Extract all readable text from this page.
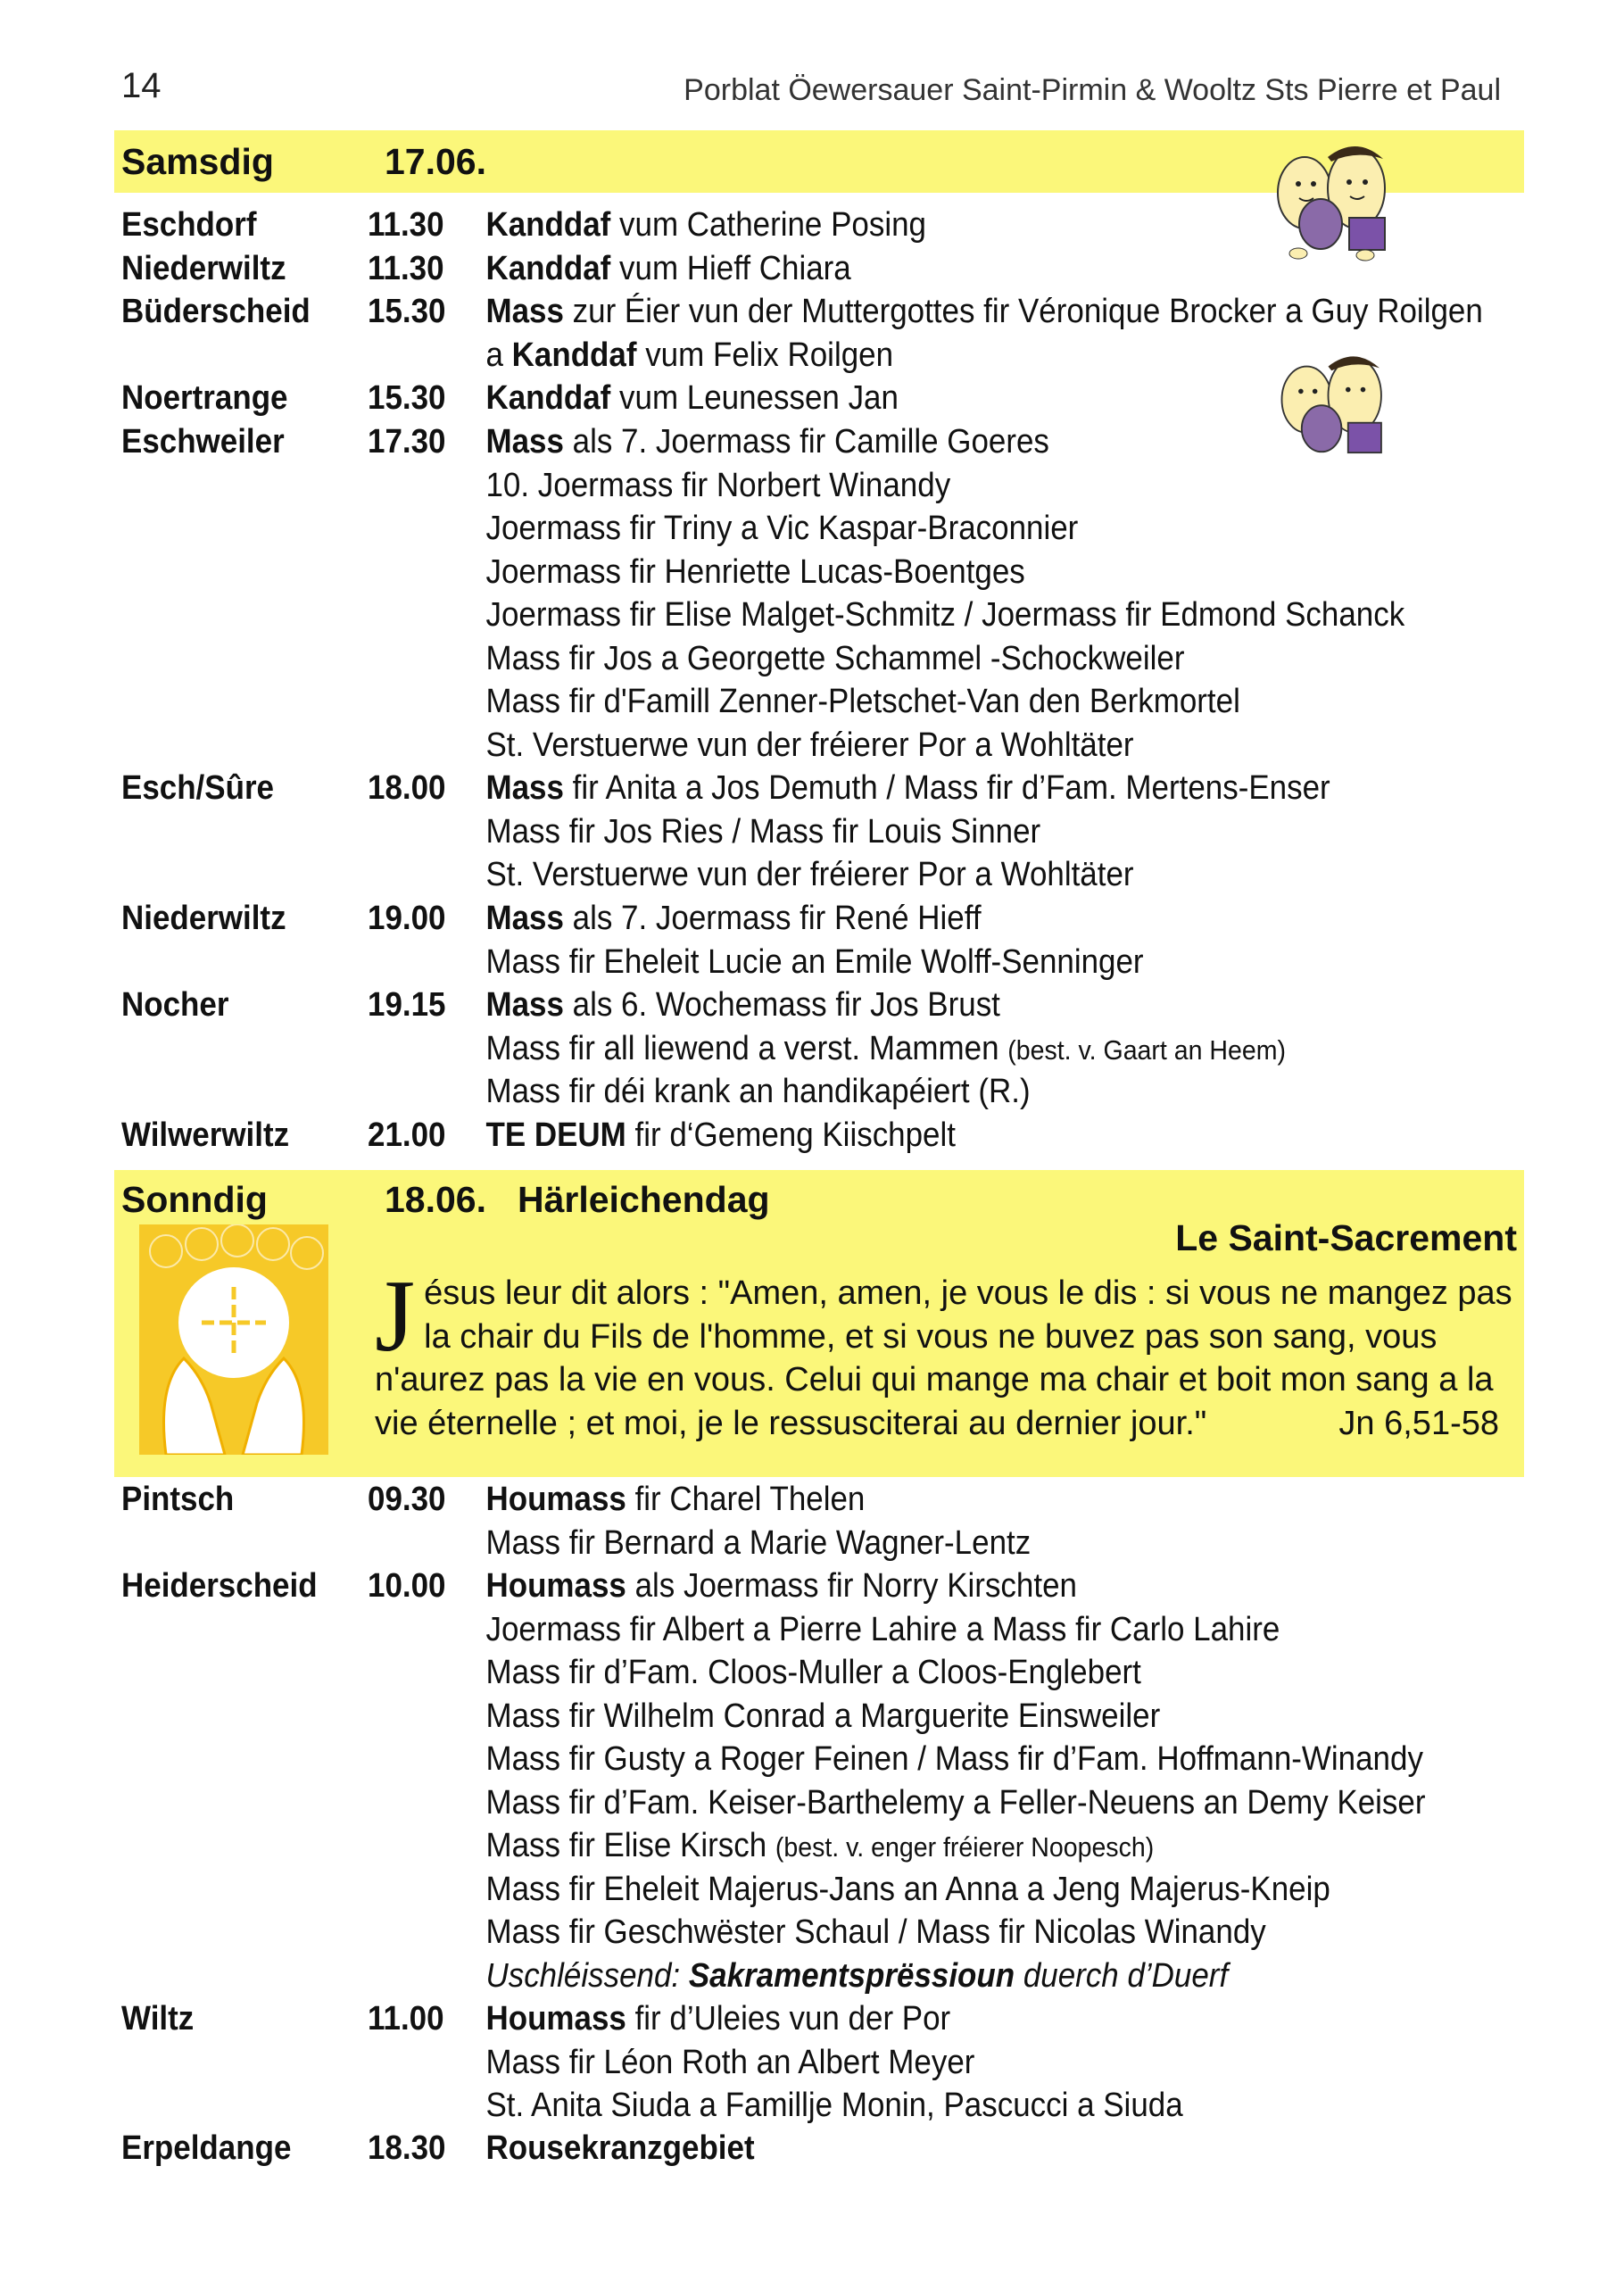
14	Porblat Öewersauer Saint-Pirmin & Wooltz Sts Pierre et Paul
Samsdig	17.06.
Eschdorf	11.30 Kanddaf vum Catherine Posing
Niederwiltz 11.30 Kanddaf vum Hieff Chiara
Büderscheid 15.30 Mass zur Éier vun der Muttergottes fir Véronique Brocker a Guy Roilgen
a Kanddaf vum Felix Roilgen
Noertrange 15.30 Kanddaf vum Leunessen Jan
Eschweiler 17.30 Mass als 7. Joermass fir Camille Goeres
10. Joermass fir Norbert Winandy
Joermass fir Triny a Vic Kaspar-Braconnier
Joermass fir Henriette Lucas-Boentges
Joermass fir Elise Malget-Schmitz / Joermass fir Edmond Schanck
Mass fir Jos a Georgette Schammel -Schockweiler
Mass fir d'Famill Zenner-Pletschet-Van den Berkmortel
St. Verstuerwe vun der fréierer Por a Wohltäter
Esch/Sûre	18.00 Mass fir Anita a Jos Demuth / Mass fir d’Fam. Mertens-Enser
Mass fir Jos Ries / Mass fir Louis Sinner
St. Verstuerwe vun der fréierer Por a Wohltäter
Niederwiltz 19.00 Mass als 7. Joermass fir René Hieff
Mass fir Eheleit Lucie an Emile Wolff-Senninger
Nocher	19.15 Mass als 6. Wochemass fir Jos Brust
Mass fir all liewend a verst. Mammen (best. v. Gaart an Heem)
Mass fir déi krank an handikapéiert (R.)
Wilwerwiltz 21.00 TE DEUM fir d‘Gemeng Kiischpelt
Sonndig	18.06. Härleichendag
Le Saint-Sacrement
J ésus leur dit alors : "Amen, amen, je vous le dis : si vous ne mangez pas la chair du Fils de l'homme, et si vous ne buvez pas son sang, vous n'aurez pas la vie en vous. Celui qui mange ma chair et boit mon sang a la vie éternelle ; et moi, je le ressusciterai au dernier jour."	Jn 6,51-58
Pintsch	09.30 Houmass fir Charel Thelen
Mass fir Bernard a Marie Wagner-Lentz
Heiderscheid 10.00 Houmass als Joermass fir Norry Kirschten
Joermass fir Albert a Pierre Lahire a Mass fir Carlo Lahire
Mass fir d’Fam. Cloos-Muller a Cloos-Englebert
Mass fir Wilhelm Conrad a Marguerite Einsweiler
Mass fir Gusty a Roger Feinen / Mass fir d’Fam. Hoffmann-Winandy
Mass fir d’Fam. Keiser-Barthelemy a Feller-Neuens an Demy Keiser
Mass fir Elise Kirsch (best. v. enger fréierer Noopesch)
Mass fir Eheleit Majerus-Jans an Anna a Jeng Majerus-Kneip
Mass fir Geschwëster Schaul / Mass fir Nicolas Winandy
Uschléissend: Sakramentsprëssioun duerch d’Duerf
Wiltz	11.00 Houmass fir d’Uleies vun der Por
Mass fir Léon Roth an Albert Meyer
St. Anita Siuda a Famillje Monin, Pascucci a Siuda
Erpeldange 18.30 Rousekranzgebiet
